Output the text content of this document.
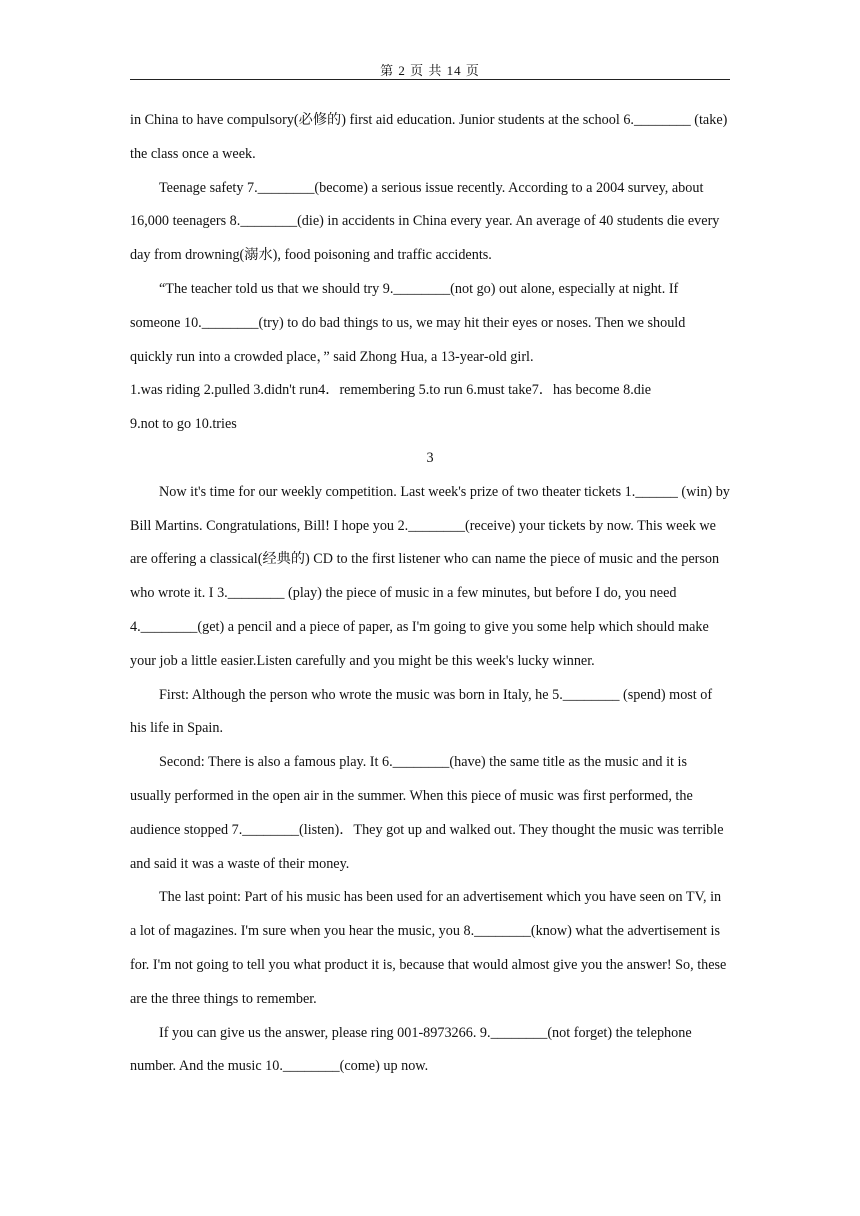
第 2 页 共 14 页

in China to have compulsory(必修的) first aid education. Junior students at the school 6.________ (take) the class once a week.

Teenage safety 7.________(become) a serious issue recently. According to a 2004 survey, about 16,000 teenagers 8.________(die) in accidents in China every year. An average of 40 students die every day from drowning(溺水), food poisoning and traffic accidents.

“The teacher told us that we should try 9.________(not go) out alone, especially at night. If someone 10.________(try) to do bad things to us, we may hit their eyes or noses. Then we should quickly run into a crowded place，” said Zhong Hua, a 13-year-old girl.

1.was riding 2.pulled 3.didn't run4．remembering 5.to run 6.must take7．has become 8.die

9.not to go 10.tries

3

Now it's time for our weekly competition. Last week's prize of two theater tickets 1.______ (win) by Bill Martins. Congratulations, Bill! I hope you 2.________(receive) your tickets by now. This week we are offering a classical(经典的) CD to the first listener who can name the piece of music and the person who wrote it. I 3.________ (play) the piece of music in a few minutes, but before I do, you need 4.________(get) a pencil and a piece of paper, as I'm going to give you some help which should make your job a little easier.Listen carefully and you might be this week's lucky winner.

First: Although the person who wrote the music was born in Italy, he 5.________ (spend) most of his life in Spain.

Second: There is also a famous play. It 6.________(have) the same title as the music and it is usually performed in the open air in the summer. When this piece of music was first performed, the audience stopped 7.________(listen)．They got up and walked out. They thought the music was terrible and said it was a waste of their money.

The last point: Part of his music has been used for an advertisement which you have seen on TV, in a lot of magazines. I'm sure when you hear the music, you 8.________(know) what the advertisement is for. I'm not going to tell you what product it is, because that would almost give you the answer! So, these are the three things to remember.

If you can give us the answer, please ring 001-8973266. 9.________(not forget) the telephone number. And the music 10.________(come) up now.
